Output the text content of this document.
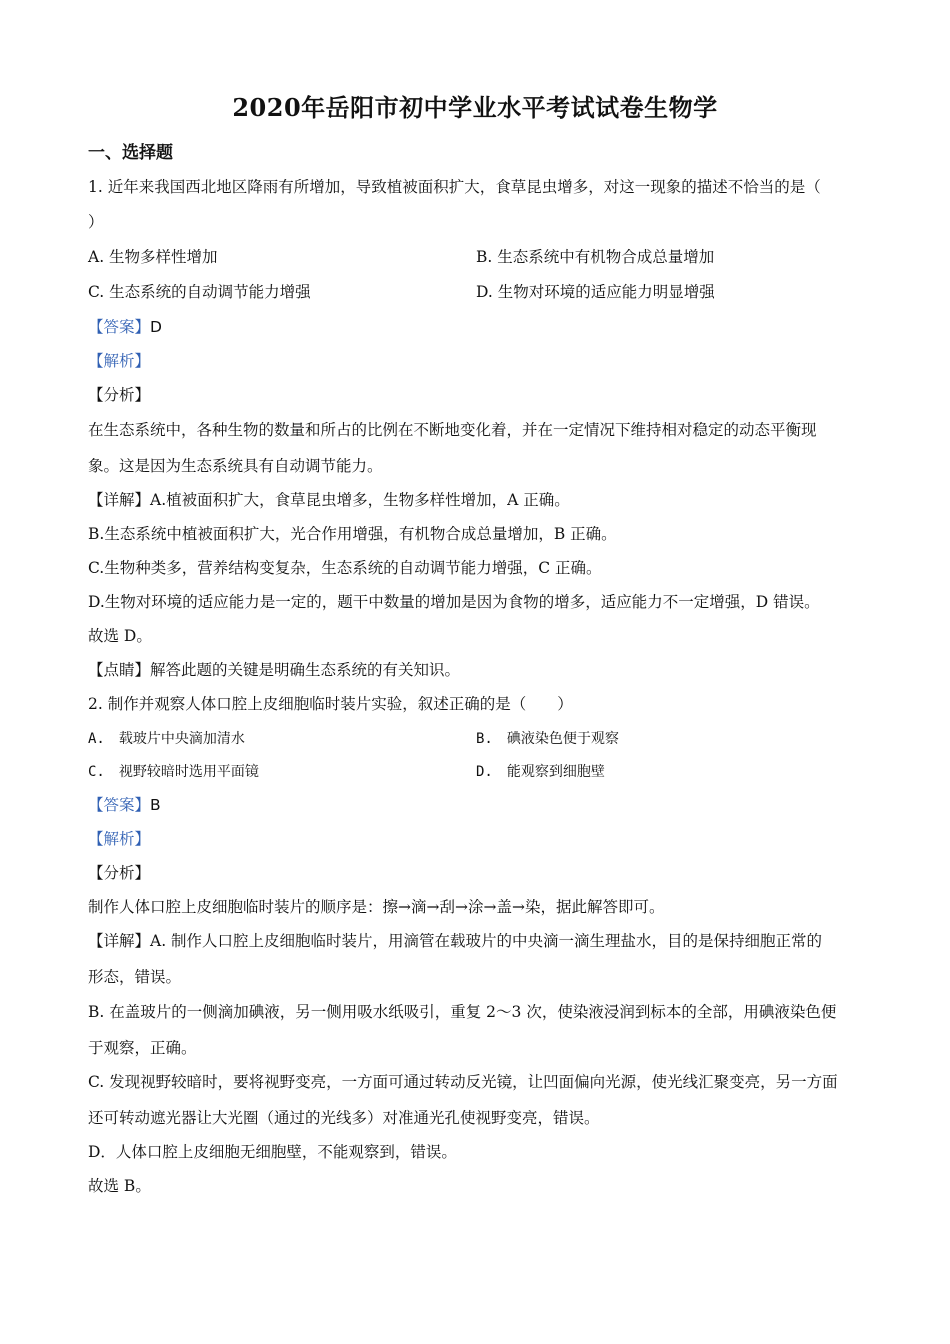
2020年岳阳市初中学业水平考试试卷生物学
一、选择题
1. 近年来我国西北地区降雨有所增加，导致植被面积扩大，食草昆虫增多，对这一现象的描述不恰当的是（
）
A. 生物多样性增加	B. 生态系统中有机物合成总量增加
C. 生态系统的自动调节能力增强	D. 生物对环境的适应能力明显增强
【答案】D
【解析】
【分析】
在生态系统中，各种生物的数量和所占的比例在不断地变化着，并在一定情况下维持相对稳定的动态平衡现
象。这是因为生态系统具有自动调节能力。
【详解】A.植被面积扩大，食草昆虫增多，生物多样性增加，A 正确。
B.生态系统中植被面积扩大，光合作用增强，有机物合成总量增加，B 正确。
C.生物种类多，营养结构变复杂，生态系统的自动调节能力增强，C 正确。
D.生物对环境的适应能力是一定的，题干中数量的增加是因为食物的增多，适应能力不一定增强，D 错误。
故选 D。
【点睛】解答此题的关键是明确生态系统的有关知识。
2. 制作并观察人体口腔上皮细胞临时装片实验，叙述正确的是（　　）
A.　载玻片中央滴加清水	B.　碘液染色便于观察
C.　视野较暗时选用平面镜	D.　能观察到细胞壁
【答案】B
【解析】
【分析】
制作人体口腔上皮细胞临时装片的顺序是：擦→滴→刮→涂→盖→染，据此解答即可。
【详解】A. 制作人口腔上皮细胞临时装片，用滴管在载玻片的中央滴一滴生理盐水，目的是保持细胞正常的
形态，错误。
B. 在盖玻片的一侧滴加碘液，另一侧用吸水纸吸引，重复 2～3 次，使染液浸润到标本的全部，用碘液染色便
于观察，正确。
C. 发现视野较暗时，要将视野变亮，一方面可通过转动反光镜，让凹面偏向光源，使光线汇聚变亮，另一方面
还可转动遮光器让大光圈（通过的光线多）对准通光孔使视野变亮，错误。
D．人体口腔上皮细胞无细胞壁，不能观察到，错误。
故选 B。
